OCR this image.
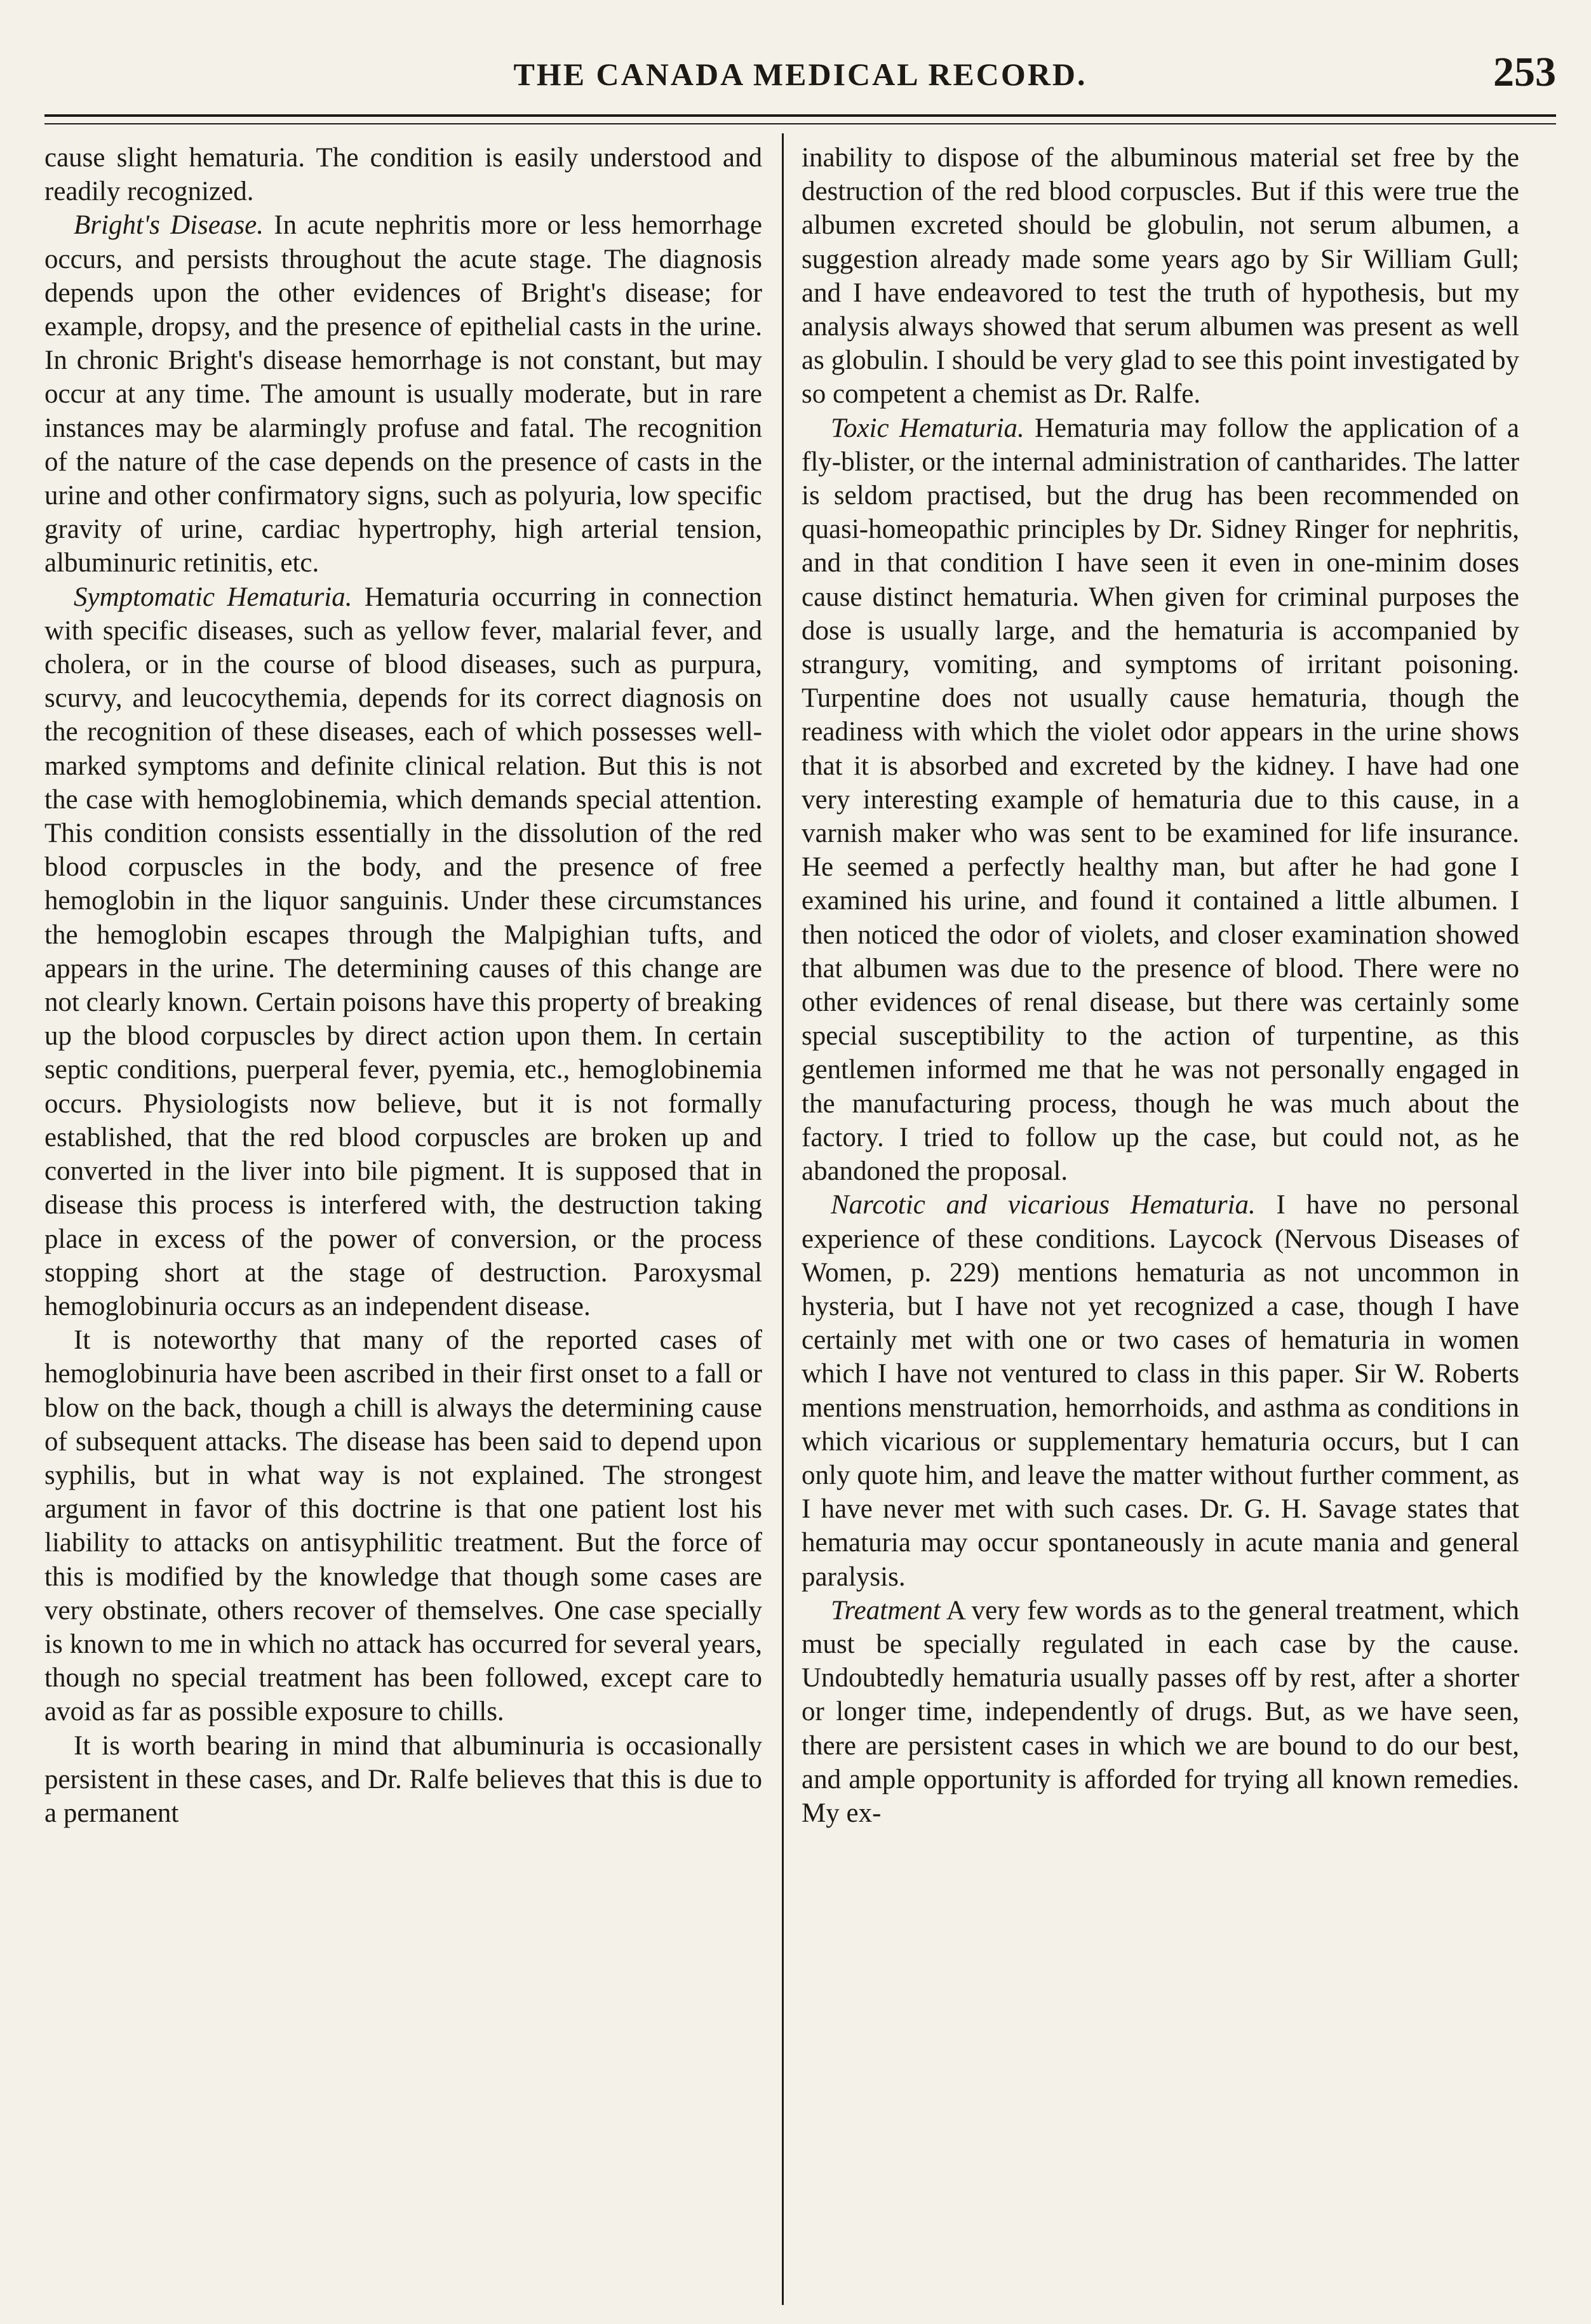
THE CANADA MEDICAL RECORD.	253

cause slight hematuria. The condition is easily understood and readily recognized.

Bright's Disease. In acute nephritis more or less hemorrhage occurs, and persists throughout the acute stage. The diagnosis depends upon the other evidences of Bright's disease; for example, dropsy, and the presence of epithelial casts in the urine. In chronic Bright's disease hemorrhage is not constant, but may occur at any time. The amount is usually moderate, but in rare instances may be alarmingly profuse and fatal. The recognition of the nature of the case depends on the presence of casts in the urine and other confirmatory signs, such as polyuria, low specific gravity of urine, cardiac hypertrophy, high arterial tension, albuminuric retinitis, etc.

Symptomatic Hematuria. Hematuria occurring in connection with specific diseases, such as yellow fever, malarial fever, and cholera, or in the course of blood diseases, such as purpura, scurvy, and leucocythemia, depends for its correct diagnosis on the recognition of these diseases, each of which possesses well-marked symptoms and definite clinical relation. But this is not the case with hemoglobinemia, which demands special attention. This condition consists essentially in the dissolution of the red blood corpuscles in the body, and the presence of free hemoglobin in the liquor sanguinis. Under these circumstances the hemoglobin escapes through the Malpighian tufts, and appears in the urine. The determining causes of this change are not clearly known. Certain poisons have this property of breaking up the blood corpuscles by direct action upon them. In certain septic conditions, puerperal fever, pyemia, etc., hemoglobinemia occurs. Physiologists now believe, but it is not formally established, that the red blood corpuscles are broken up and converted in the liver into bile pigment. It is supposed that in disease this process is interfered with, the destruction taking place in excess of the power of conversion, or the process stopping short at the stage of destruction. Paroxysmal hemoglobinuria occurs as an independent disease.

It is noteworthy that many of the reported cases of hemoglobinuria have been ascribed in their first onset to a fall or blow on the back, though a chill is always the determining cause of subsequent attacks. The disease has been said to depend upon syphilis, but in what way is not explained. The strongest argument in favor of this doctrine is that one patient lost his liability to attacks on antisyphilitic treatment. But the force of this is modified by the knowledge that though some cases are very obstinate, others recover of themselves. One case specially is known to me in which no attack has occurred for several years, though no special treatment has been followed, except care to avoid as far as possible exposure to chills.

It is worth bearing in mind that albuminuria is occasionally persistent in these cases, and Dr. Ralfe believes that this is due to a permanent

inability to dispose of the albuminous material set free by the destruction of the red blood corpuscles. But if this were true the albumen excreted should be globulin, not serum albumen, a suggestion already made some years ago by Sir William Gull; and I have endeavored to test the truth of hypothesis, but my analysis always showed that serum albumen was present as well as globulin. I should be very glad to see this point investigated by so competent a chemist as Dr. Ralfe.

Toxic Hematuria. Hematuria may follow the application of a fly-blister, or the internal administration of cantharides. The latter is seldom practised, but the drug has been recommended on quasi-homeopathic principles by Dr. Sidney Ringer for nephritis, and in that condition I have seen it even in one-minim doses cause distinct hematuria. When given for criminal purposes the dose is usually large, and the hematuria is accompanied by strangury, vomiting, and symptoms of irritant poisoning. Turpentine does not usually cause hematuria, though the readiness with which the violet odor appears in the urine shows that it is absorbed and excreted by the kidney. I have had one very interesting example of hematuria due to this cause, in a varnish maker who was sent to be examined for life insurance. He seemed a perfectly healthy man, but after he had gone I examined his urine, and found it contained a little albumen. I then noticed the odor of violets, and closer examination showed that albumen was due to the presence of blood. There were no other evidences of renal disease, but there was certainly some special susceptibility to the action of turpentine, as this gentlemen informed me that he was not personally engaged in the manufacturing process, though he was much about the factory. I tried to follow up the case, but could not, as he abandoned the proposal.

Narcotic and vicarious Hematuria. I have no personal experience of these conditions. Laycock (Nervous Diseases of Women, p. 229) mentions hematuria as not uncommon in hysteria, but I have not yet recognized a case, though I have certainly met with one or two cases of hematuria in women which I have not ventured to class in this paper. Sir W. Roberts mentions menstruation, hemorrhoids, and asthma as conditions in which vicarious or supplementary hematuria occurs, but I can only quote him, and leave the matter without further comment, as I have never met with such cases. Dr. G. H. Savage states that hematuria may occur spontaneously in acute mania and general paralysis.

Treatment A very few words as to the general treatment, which must be specially regulated in each case by the cause. Undoubtedly hematuria usually passes off by rest, after a shorter or longer time, independently of drugs. But, as we have seen, there are persistent cases in which we are bound to do our best, and ample opportunity is afforded for trying all known remedies. My ex-
